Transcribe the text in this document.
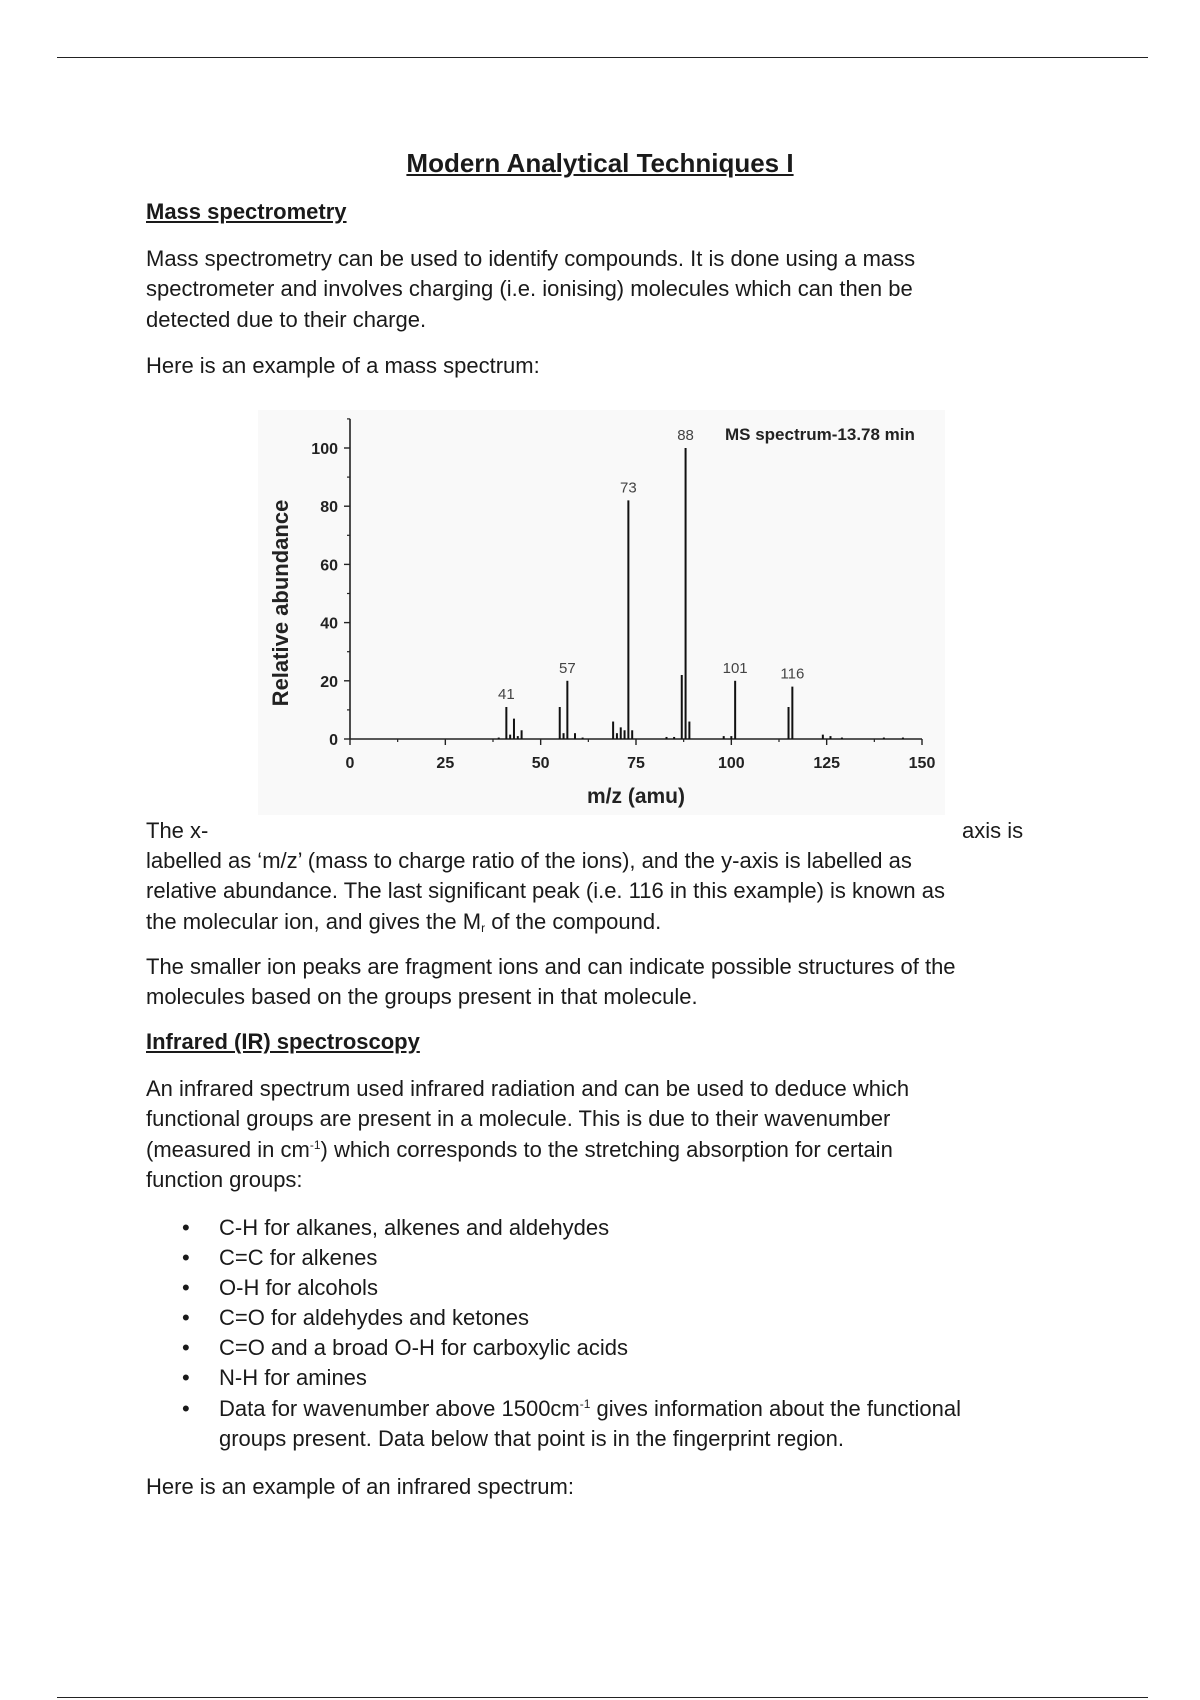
Modern Analytical Techniques I
Mass spectrometry
Mass spectrometry can be used to identify compounds. It is done using a mass
spectrometer and involves charging (i.e. ionising) molecules which can then be
detected due to their charge.
Here is an example of a mass spectrum:
0	25	50	75	100	125	150
0
20
40
60
80
100
41
57
73
88
101 116
MS spectrum-13.78 min
m/z (amu)
Relative abundance
The x-	axis is
labelled as ‘m/z’ (mass to charge ratio of the ions), and the y-axis is labelled as
relative abundance. The last significant peak (i.e. 116 in this example) is known as
the molecular ion, and gives the $M_r$ of the compound.
The smaller ion peaks are fragment ions and can indicate possible structures of the
molecules based on the groups present in that molecule.
Infrared (IR) spectroscopy
An infrared spectrum used infrared radiation and can be used to deduce which
functional groups are present in a molecule. This is due to their wavenumber
(measured in $cm^{-1}$) which corresponds to the stretching absorption for certain
function groups:
• C-H for alkanes, alkenes and aldehydes
• C=C for alkenes
• O-H for alcohols
• C=O for aldehydes and ketones
• C=O and a broad O-H for carboxylic acids
• N-H for amines
• Data for wavenumber above $1500cm^{-1}$ gives information about the functional
groups present. Data below that point is in the fingerprint region.
Here is an example of an infrared spectrum:
